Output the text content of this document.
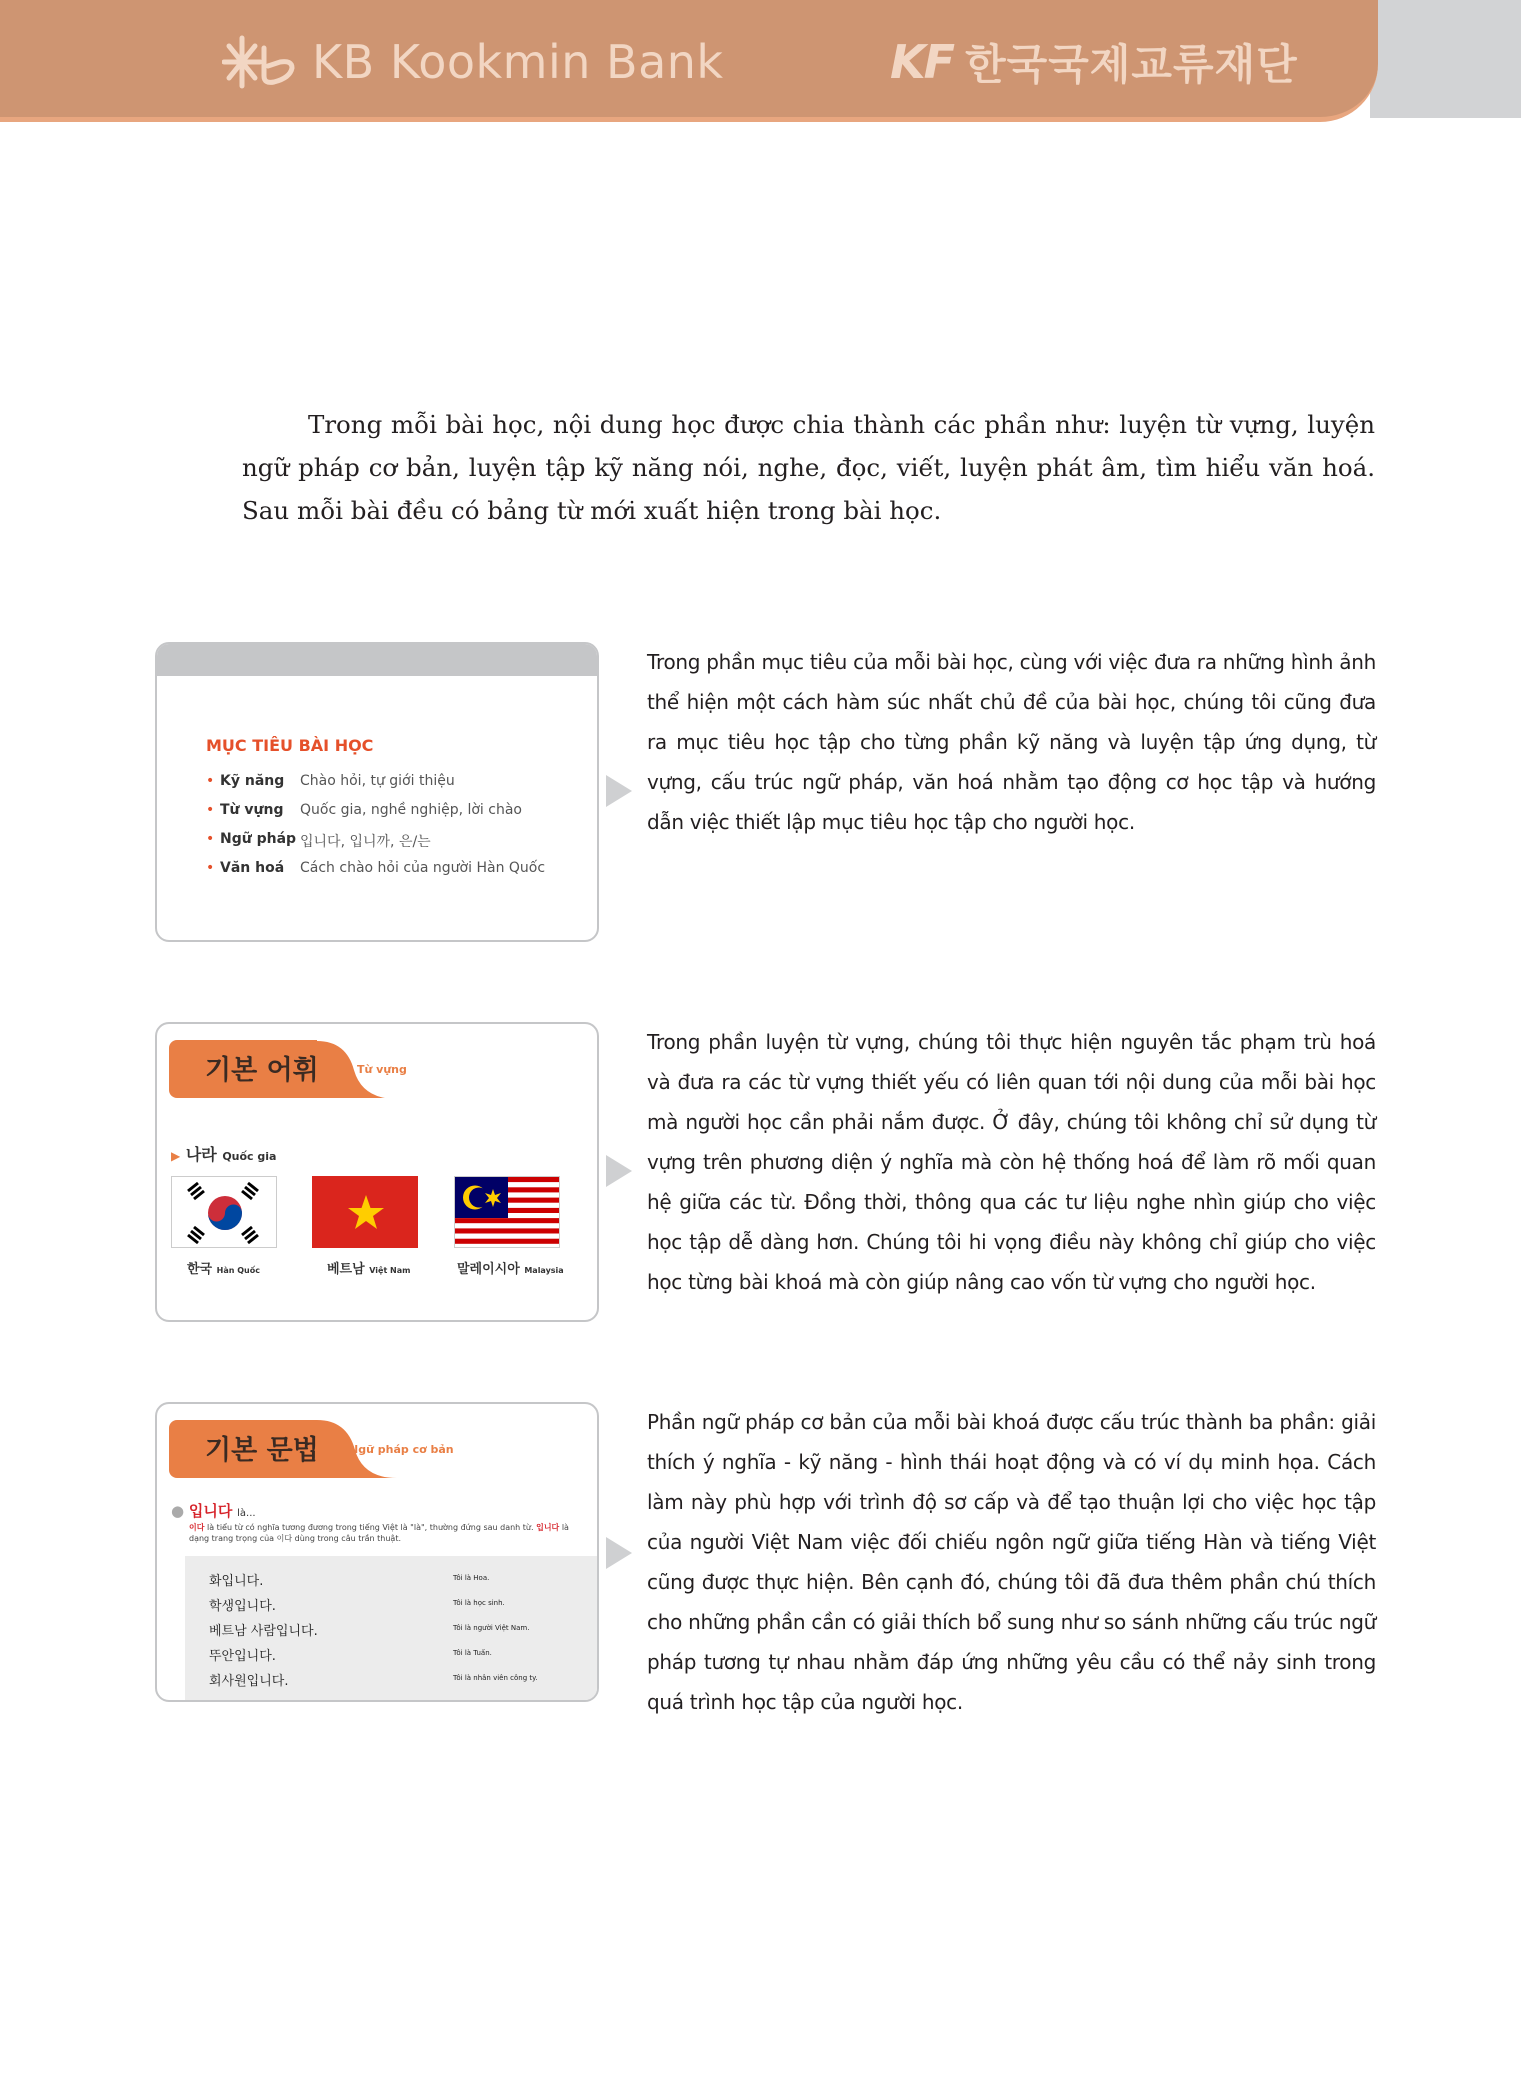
KB Kookmin Bank	KF 한국국제교류재단

Trong mỗi bài học, nội dung học được chia thành các phần như: luyện từ vựng, luyện ngữ pháp cơ bản, luyện tập kỹ năng nói, nghe, đọc, viết, luyện phát âm, tìm hiểu văn hoá. Sau mỗi bài đều có bảng từ mới xuất hiện trong bài học.

MỤC TIÊU BÀI HỌC
• Kỹ năng	Chào hỏi, tự giới thiệu
• Từ vựng	Quốc gia, nghề nghiệp, lời chào
• Ngữ pháp 입니다, 입니까, 은/는
• Văn hoá	Cách chào hỏi của người Hàn Quốc
Trong phần mục tiêu của mỗi bài học, cùng với việc đưa ra những hình ảnh thể hiện một cách hàm súc nhất chủ đề của bài học, chúng tôi cũng đưa ra mục tiêu học tập cho từng phần kỹ năng và luyện tập ứng dụng, từ vựng, cấu trúc ngữ pháp, văn hoá nhằm tạo động cơ học tập và hướng dẫn việc thiết lập mục tiêu học tập cho người học.
기본 어휘	Từ vựng
▶ 나라 Quốc gia
한국 Hàn Quốc	베트남 Việt Nam	말레이시아 Malaysia
Trong phần luyện từ vựng, chúng tôi thực hiện nguyên tắc phạm trù hoá và đưa ra các từ vựng thiết yếu có liên quan tới nội dung của mỗi bài học mà người học cần phải nắm được. Ở đây, chúng tôi không chỉ sử dụng từ vựng trên phương diện ý nghĩa mà còn hệ thống hoá để làm rõ mối quan hệ giữa các từ. Đồng thời, thông qua các tư liệu nghe nhìn giúp cho việc học tập dễ dàng hơn. Chúng tôi hi vọng điều này không chỉ giúp cho việc học từng bài khoá mà còn giúp nâng cao vốn từ vựng cho người học.
기본 문법	Ngữ pháp cơ bản
● 입니다 là...
이다 là tiểu từ có nghĩa tương đương trong tiếng Việt là "là", thường đứng sau danh từ. 입니다 là dạng trang trọng của 이다 dùng trong câu trần thuật.
화입니다.	Tôi là Hoa.
학생입니다.	Tôi là học sinh.
베트남 사람입니다.	Tôi là người Việt Nam.
뚜안입니다.	Tôi là Tuấn.
회사원입니다.	Tôi là nhân viên công ty.
Phần ngữ pháp cơ bản của mỗi bài khoá được cấu trúc thành ba phần: giải thích ý nghĩa - kỹ năng - hình thái hoạt động và có ví dụ minh họa. Cách làm này phù hợp với trình độ sơ cấp và để tạo thuận lợi cho việc học tập của người Việt Nam việc đối chiếu ngôn ngữ giữa tiếng Hàn và tiếng Việt cũng được thực hiện. Bên cạnh đó, chúng tôi đã đưa thêm phần chú thích cho những phần cần có giải thích bổ sung như so sánh những cấu trúc ngữ pháp tương tự nhau nhằm đáp ứng những yêu cầu có thể nảy sinh trong quá trình học tập của người học.
